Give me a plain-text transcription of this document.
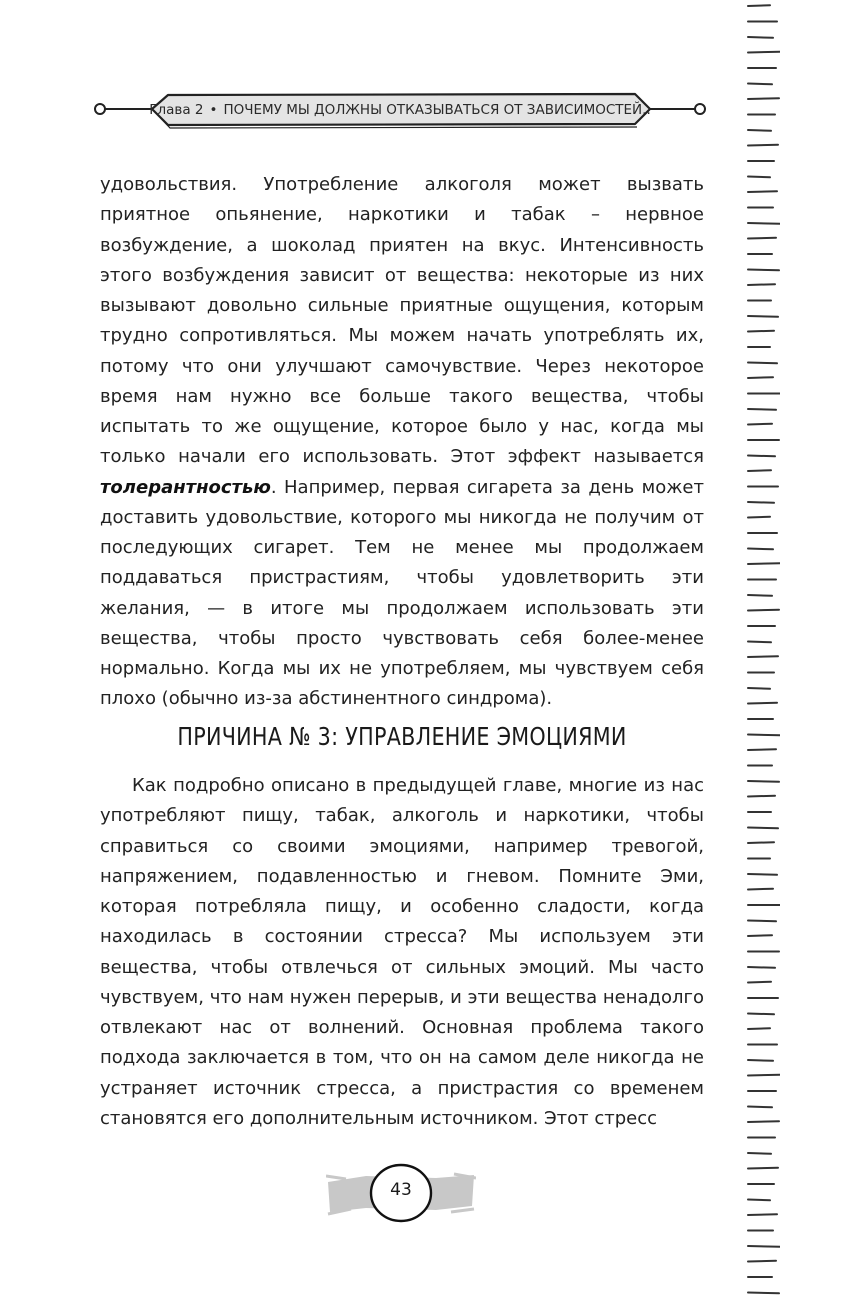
Глава 2 • ПОЧЕМУ МЫ ДОЛЖНЫ ОТКАЗЫВАТЬСЯ ОТ ЗАВИСИМОСТЕЙ..

удовольствия. Употребление алкоголя может вызвать приятное опьянение, наркотики и табак – нервное возбуждение, а шоколад приятен на вкус. Интенсивность этого возбуждения зависит от вещества: некоторые из них вызывают довольно сильные приятные ощущения, которым трудно сопротивляться. Мы можем начать употреблять их, потому что они улучшают самочувствие. Через некоторое время нам нужно все больше такого вещества, чтобы испытать то же ощущение, которое было у нас, когда мы только начали его использовать. Этот эффект называется толерантностью. Например, первая сигарета за день может доставить удовольствие, которого мы никогда не получим от последующих сигарет. Тем не менее мы продолжаем поддаваться пристрастиям, чтобы удовлетворить эти желания, — в итоге мы продолжаем использовать эти вещества, чтобы просто чувствовать себя более-менее нормально. Когда мы их не употребляем, мы чувствуем себя плохо (обычно из-за абстинентного синдрома).

ПРИЧИНА № 3: УПРАВЛЕНИЕ ЭМОЦИЯМИ

Как подробно описано в предыдущей главе, многие из нас употребляют пищу, табак, алкоголь и наркотики, чтобы справиться со своими эмоциями, например тревогой, напряжением, подавленностью и гневом. Помните Эми, которая потребляла пищу, и особенно сладости, когда находилась в состоянии стресса? Мы используем эти вещества, чтобы отвлечься от сильных эмоций. Мы часто чувствуем, что нам нужен перерыв, и эти вещества ненадолго отвлекают нас от волнений. Основная проблема такого подхода заключается в том, что он на самом деле никогда не устраняет источник стресса, а пристрастия со временем становятся его дополнительным источником. Этот стресс

43
